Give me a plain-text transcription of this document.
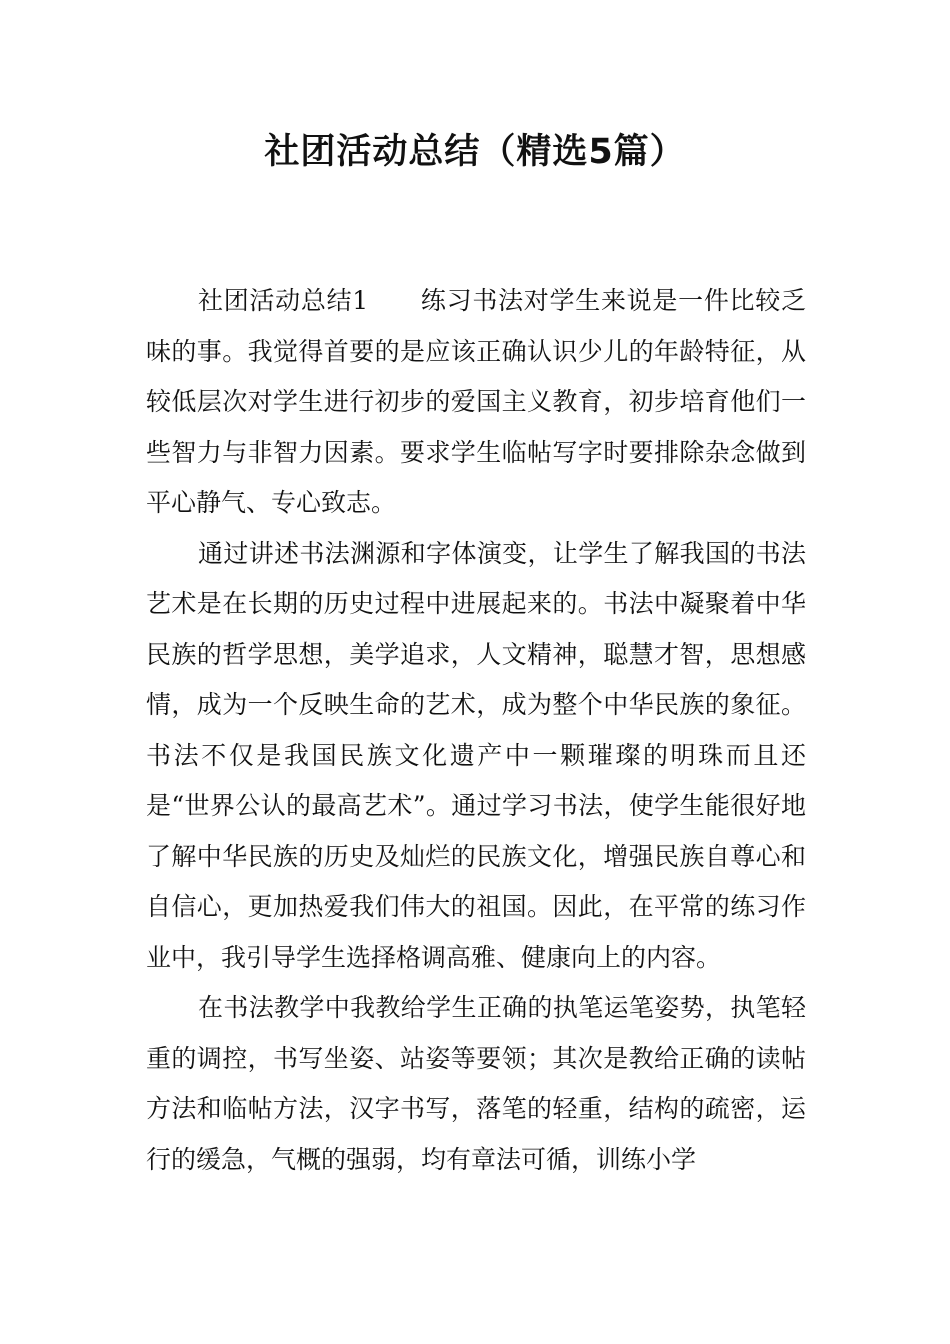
社团活动总结（精选5篇）

社团活动总结1 练习书法对学生来说是一件比较乏味的事。我觉得首要的是应该正确认识少儿的年龄特征，从较低层次对学生进行初步的爱国主义教育，初步培育他们一些智力与非智力因素。要求学生临帖写字时要排除杂念做到平心静气、专心致志。

通过讲述书法渊源和字体演变，让学生了解我国的书法艺术是在长期的历史过程中进展起来的。书法中凝聚着中华民族的哲学思想，美学追求，人文精神，聪慧才智，思想感情，成为一个反映生命的艺术，成为整个中华民族的象征。书法不仅是我国民族文化遗产中一颗璀璨的明珠而且还是“世界公认的最高艺术”。通过学习书法，使学生能很好地了解中华民族的历史及灿烂的民族文化，增强民族自尊心和自信心，更加热爱我们伟大的祖国。因此，在平常的练习作业中，我引导学生选择格调高雅、健康向上的内容。

在书法教学中我教给学生正确的执笔运笔姿势，执笔轻重的调控，书写坐姿、站姿等要领；其次是教给正确的读帖方法和临帖方法，汉字书写，落笔的轻重，结构的疏密，运行的缓急，气概的强弱，均有章法可循，训练小学
